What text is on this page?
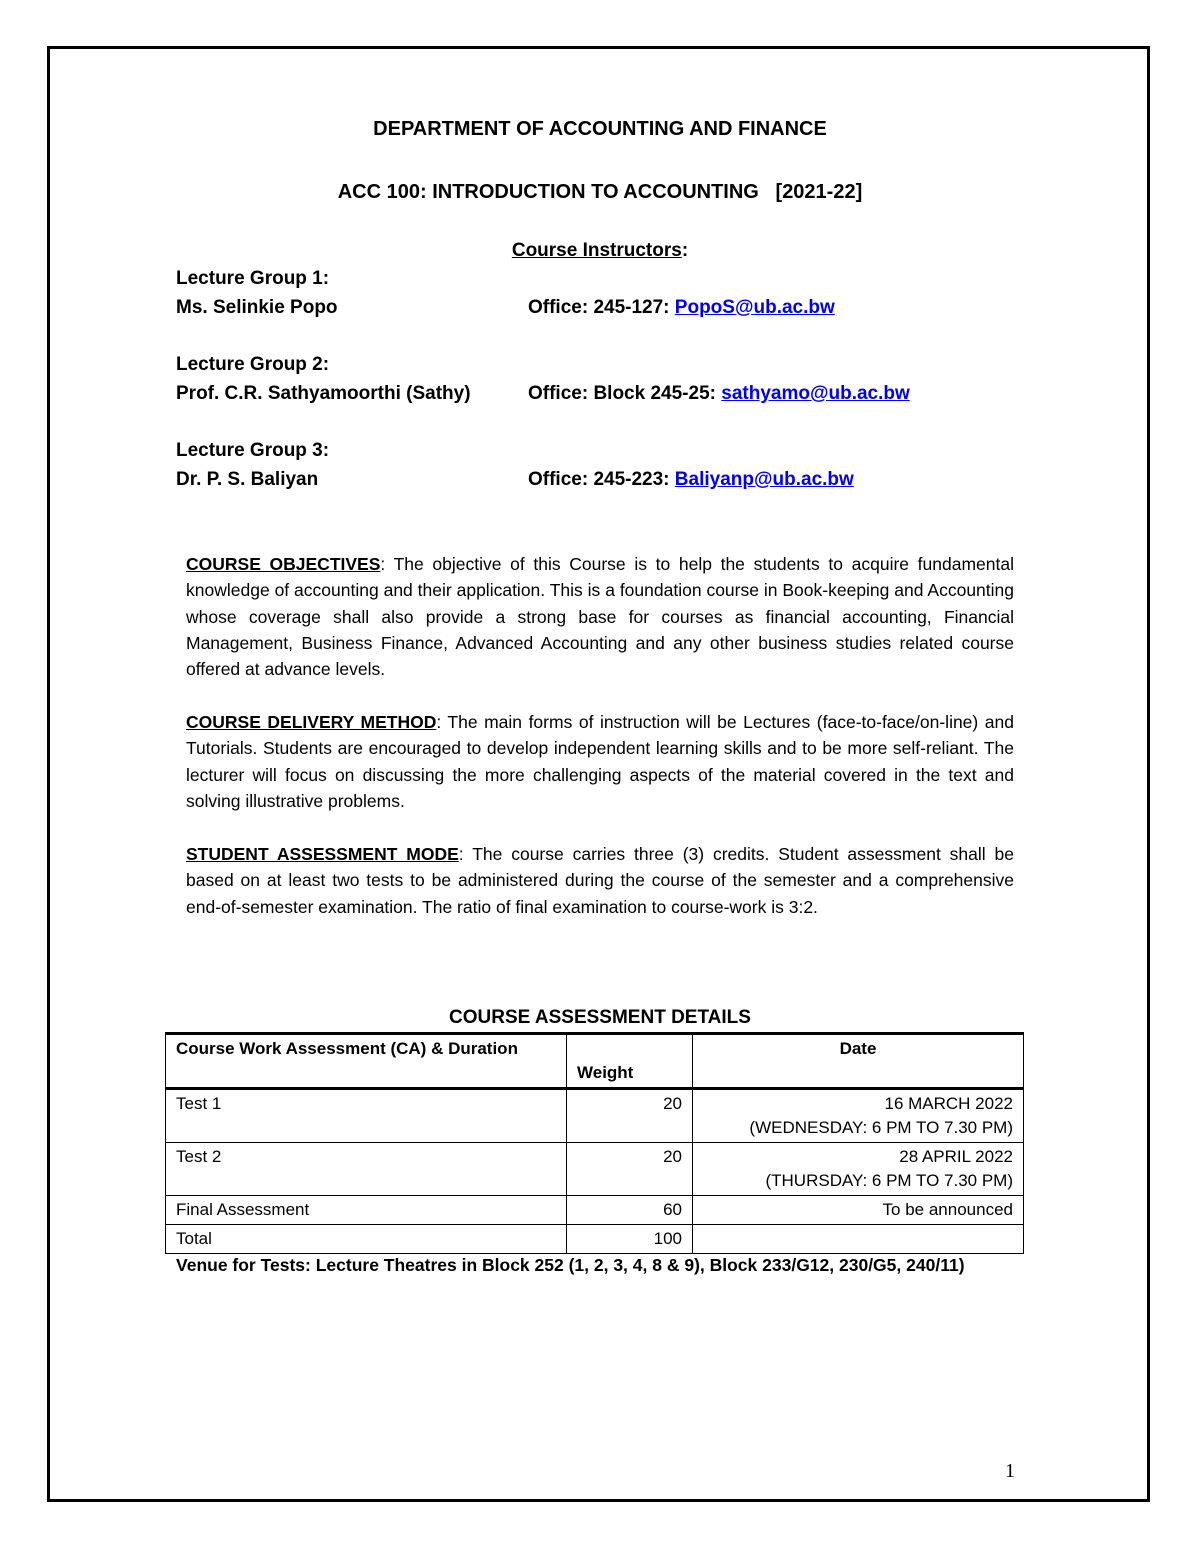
DEPARTMENT OF ACCOUNTING AND FINANCE
ACC 100: INTRODUCTION TO ACCOUNTING   [2021-22]
Course Instructors:
Lecture Group 1:
Ms. Selinkie Popo	Office: 245-127: PopoS@ub.ac.bw
Lecture Group 2:
Prof. C.R. Sathyamoorthi (Sathy)	Office: Block 245-25: sathyamo@ub.ac.bw
Lecture Group 3:
Dr. P. S. Baliyan	Office: 245-223: Baliyanp@ub.ac.bw
COURSE OBJECTIVES: The objective of this Course is to help the students to acquire fundamental knowledge of accounting and their application. This is a foundation course in Book-keeping and Accounting whose coverage shall also provide a strong base for courses as financial accounting, Financial Management, Business Finance, Advanced Accounting and any other business studies related course offered at advance levels.
COURSE DELIVERY METHOD: The main forms of instruction will be Lectures (face-to-face/on-line) and Tutorials. Students are encouraged to develop independent learning skills and to be more self-reliant. The lecturer will focus on discussing the more challenging aspects of the material covered in the text and solving illustrative problems.
STUDENT ASSESSMENT MODE: The course carries three (3) credits. Student assessment shall be based on at least two tests to be administered during the course of the semester and a comprehensive end-of-semester examination. The ratio of final examination to course-work is 3:2.
COURSE ASSESSMENT DETAILS
Course Work Assessment (CA) & Duration	Weight	Date
Test 1	20	16 MARCH 2022
(WEDNESDAY: 6 PM TO 7.30 PM)

Test 2	20	28 APRIL 2022
(THURSDAY: 6 PM TO 7.30 PM)

Final Assessment	60	To be announced
Total	100	
Venue for Tests: Lecture Theatres in Block 252 (1, 2, 3, 4, 8 & 9), Block 233/G12, 230/G5, 240/11)
1
